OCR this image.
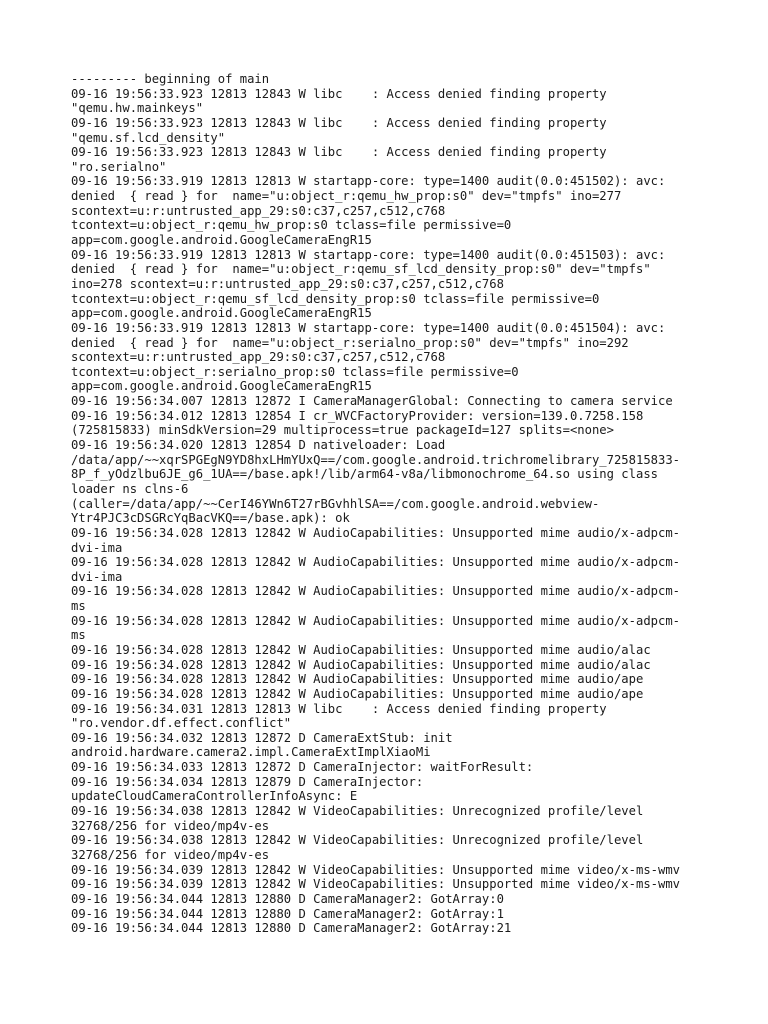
--------- beginning of main
09-16 19:56:33.923 12813 12843 W libc    : Access denied finding property
"qemu.hw.mainkeys"
09-16 19:56:33.923 12813 12843 W libc    : Access denied finding property
"qemu.sf.lcd_density"
09-16 19:56:33.923 12813 12843 W libc    : Access denied finding property
"ro.serialno"
09-16 19:56:33.919 12813 12813 W startapp-core: type=1400 audit(0.0:451502): avc:
denied  { read } for  name="u:object_r:qemu_hw_prop:s0" dev="tmpfs" ino=277
scontext=u:r:untrusted_app_29:s0:c37,c257,c512,c768
tcontext=u:object_r:qemu_hw_prop:s0 tclass=file permissive=0
app=com.google.android.GoogleCameraEngR15
09-16 19:56:33.919 12813 12813 W startapp-core: type=1400 audit(0.0:451503): avc:
denied  { read } for  name="u:object_r:qemu_sf_lcd_density_prop:s0" dev="tmpfs"
ino=278 scontext=u:r:untrusted_app_29:s0:c37,c257,c512,c768
tcontext=u:object_r:qemu_sf_lcd_density_prop:s0 tclass=file permissive=0
app=com.google.android.GoogleCameraEngR15
09-16 19:56:33.919 12813 12813 W startapp-core: type=1400 audit(0.0:451504): avc:
denied  { read } for  name="u:object_r:serialno_prop:s0" dev="tmpfs" ino=292
scontext=u:r:untrusted_app_29:s0:c37,c257,c512,c768
tcontext=u:object_r:serialno_prop:s0 tclass=file permissive=0
app=com.google.android.GoogleCameraEngR15
09-16 19:56:34.007 12813 12872 I CameraManagerGlobal: Connecting to camera service
09-16 19:56:34.012 12813 12854 I cr_WVCFactoryProvider: version=139.0.7258.158
(725815833) minSdkVersion=29 multiprocess=true packageId=127 splits=<none>
09-16 19:56:34.020 12813 12854 D nativeloader: Load
/data/app/~~xqrSPGEgN9YD8hxLHmYUxQ==/com.google.android.trichromelibrary_725815833-
8P_f_yOdzlbu6JE_g6_1UA==/base.apk!/lib/arm64-v8a/libmonochrome_64.so using class
loader ns clns-6
(caller=/data/app/~~CerI46YWn6T27rBGvhhlSA==/com.google.android.webview-
Ytr4PJC3cDSGRcYqBacVKQ==/base.apk): ok
09-16 19:56:34.028 12813 12842 W AudioCapabilities: Unsupported mime audio/x-adpcm-
dvi-ima
09-16 19:56:34.028 12813 12842 W AudioCapabilities: Unsupported mime audio/x-adpcm-
dvi-ima
09-16 19:56:34.028 12813 12842 W AudioCapabilities: Unsupported mime audio/x-adpcm-
ms
09-16 19:56:34.028 12813 12842 W AudioCapabilities: Unsupported mime audio/x-adpcm-
ms
09-16 19:56:34.028 12813 12842 W AudioCapabilities: Unsupported mime audio/alac
09-16 19:56:34.028 12813 12842 W AudioCapabilities: Unsupported mime audio/alac
09-16 19:56:34.028 12813 12842 W AudioCapabilities: Unsupported mime audio/ape
09-16 19:56:34.028 12813 12842 W AudioCapabilities: Unsupported mime audio/ape
09-16 19:56:34.031 12813 12813 W libc    : Access denied finding property
"ro.vendor.df.effect.conflict"
09-16 19:56:34.032 12813 12872 D CameraExtStub: init
android.hardware.camera2.impl.CameraExtImplXiaoMi
09-16 19:56:34.033 12813 12872 D CameraInjector: waitForResult:
09-16 19:56:34.034 12813 12879 D CameraInjector:
updateCloudCameraControllerInfoAsync: E
09-16 19:56:34.038 12813 12842 W VideoCapabilities: Unrecognized profile/level
32768/256 for video/mp4v-es
09-16 19:56:34.038 12813 12842 W VideoCapabilities: Unrecognized profile/level
32768/256 for video/mp4v-es
09-16 19:56:34.039 12813 12842 W VideoCapabilities: Unsupported mime video/x-ms-wmv
09-16 19:56:34.039 12813 12842 W VideoCapabilities: Unsupported mime video/x-ms-wmv
09-16 19:56:34.044 12813 12880 D CameraManager2: GotArray:0
09-16 19:56:34.044 12813 12880 D CameraManager2: GotArray:1
09-16 19:56:34.044 12813 12880 D CameraManager2: GotArray:21
